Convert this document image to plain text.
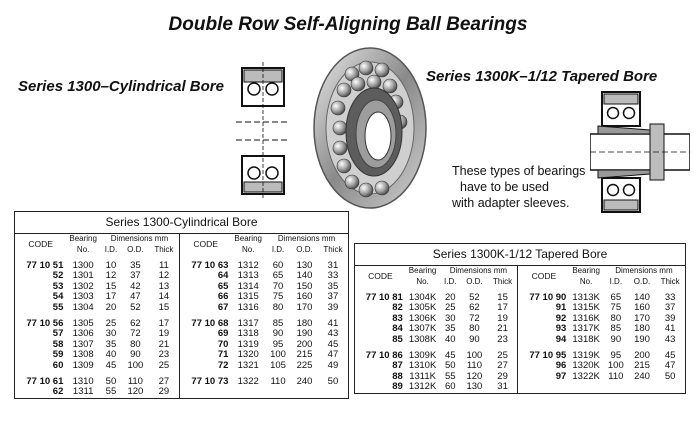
Double Row Self-Aligning Ball Bearings
Series 1300–Cylindrical Bore
Series 1300K–1/12 Tapered Bore
These types of bearings
have to be used
with adapter sleeves.
Series 1300-Cylindrical Bore
CODE	Bearing No.	Dimensions mm			CODE	Bearing No.	Dimensions mm		
		I.D.	O.D.	Thick			I.D.	O.D.	Thick
77 10 51	1300	10	35	11	77 10 63	1312	60	130	31
52	1301	12	37	12	64	1313	65	140	33
53	1302	15	42	13	65	1314	70	150	35
54	1303	17	47	14	66	1315	75	160	37
55	1304	20	52	15	67	1316	80	170	39
77 10 56	1305	25	62	17	77 10 68	1317	85	180	41
57	1306	30	72	19	69	1318	90	190	43
58	1307	35	80	21	70	1319	95	200	45
59	1308	40	90	23	71	1320	100	215	47
60	1309	45	100	25	72	1321	105	225	49
77 10 61	1310	50	110	27	77 10 73	1322	110	240	50
62	1311	55	120	29					
Series 1300K-1/12 Tapered Bore
CODE	Bearing No.	Dimensions mm			CODE	Bearing No.	Dimensions mm		
		I.D.	O.D.	Thick			I.D.	O.D.	Thick
77 10 81	1304K	20	52	15	77 10 90	1313K	65	140	33
82	1305K	25	62	17	91	1315K	75	160	37
83	1306K	30	72	19	92	1316K	80	170	39
84	1307K	35	80	21	93	1317K	85	180	41
85	1308K	40	90	23	94	1318K	90	190	43
77 10 86	1309K	45	100	25	77 10 95	1319K	95	200	45
87	1310K	50	110	27	96	1320K	100	215	47
88	1311K	55	120	29	97	1322K	110	240	50
89	1312K	60	130	31					
